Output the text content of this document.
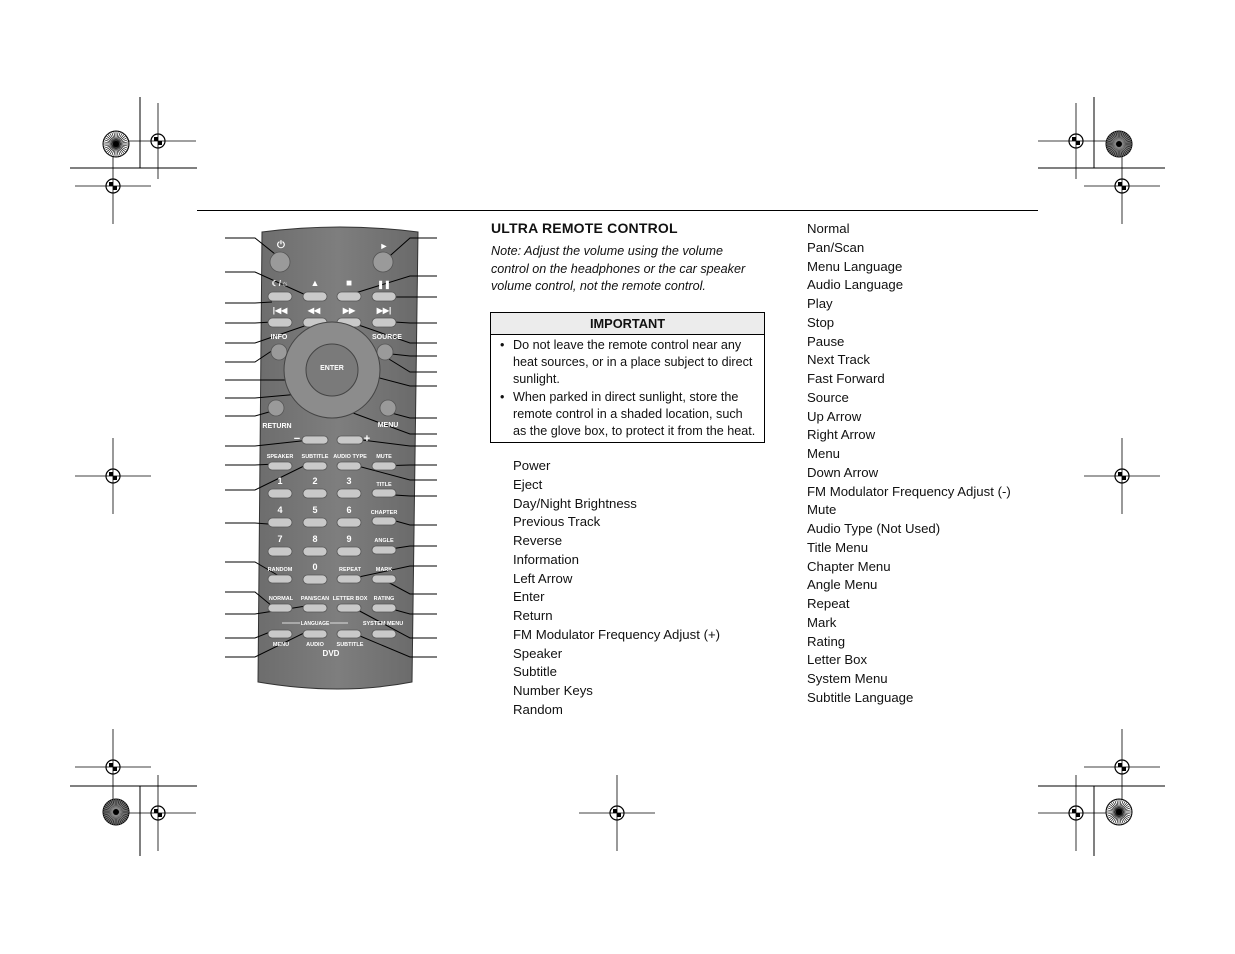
⏻	►
▲	■
☾/☼	❚❚
|◀◀	◀◀	▶▶	▶▶|
INFO	SOURCE
ENTER
RETURN	MENU
−	+
SPEAKER SUBTITLE AUDIO TYPE MUTE
1	2	3
4	5	6
7	8	9
0
TITLE
CHAPTER
ANGLE
RANDOM	REPEAT	MARK
NORMAL PAN/SCAN LETTER BOX RATING
LANGUAGE	SYSTEM MENU
MENU	AUDIO SUBTITLE
DVD
ULTRA REMOTE CONTROL
Note: Adjust the volume using the volume control on the headphones or the car speaker volume control, not the remote control.
IMPORTANT
• Do not leave the remote control near any heat sources, or in a place subject to direct sunlight.
• When parked in direct sunlight, store the remote control in a shaded location, such as the glove box, to protect it from the heat.
Power
Eject
Day/Night Brightness
Previous Track
Reverse
Information
Left Arrow
Enter
Return
FM Modulator Frequency Adjust (+)
Speaker
Subtitle
Number Keys
Random
Normal
Pan/Scan
Menu Language
Audio Language
Play
Stop
Pause
Next Track
Fast Forward
Source
Up Arrow
Right Arrow
Menu
Down Arrow
FM Modulator Frequency Adjust (-)
Mute
Audio Type (Not Used)
Title Menu
Chapter Menu
Angle Menu
Repeat
Mark
Rating
Letter Box
System Menu
Subtitle Language
